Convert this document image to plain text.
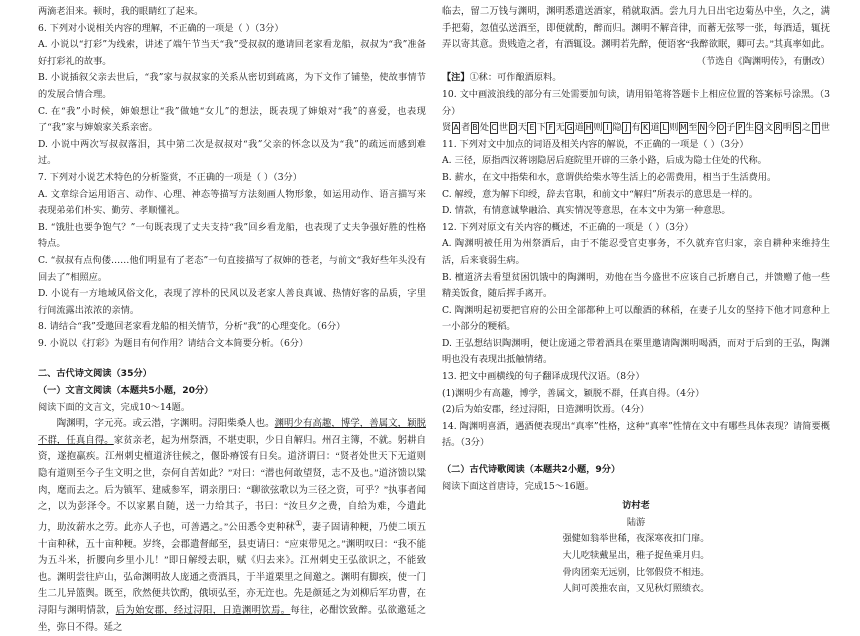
两滴老泪来。顿时，我的眼睛红了起来。

6. 下列对小说相关内容的理解，不正确的一项是（ ）（3分）

A. 小说以“打彩”为线索，讲述了端午节当天“我”受叔叔的邀请回老家看龙船，叔叔为“我”准备好打彩礼的故事。

B. 小说插叙父亲去世后，“我”家与叔叔家的关系从密切到疏离，为下文作了铺垫，使故事情节的发展合情合理。

C. 在“我”小时候，婶娘想让“我”做她“女儿”的想法，既表现了婶娘对“我”的喜爱，也表现了“我”家与婶娘家关系亲密。

D. 小说中两次写叔叔落泪，其中第二次是叔叔对“我”父亲的怀念以及为“我”的疏远而感到难过。

7. 下列对小说艺术特色的分析鉴赏，不正确的一项是（ ）（3分）

A. 文章综合运用语言、动作、心理、神态等描写方法刻画人物形象，如运用动作、语言描写来表现弟弟们朴实、勤劳、孝顺懂礼。

B. “饿肚也要争饱气？”一句既表现了丈夫支持“我”回乡看龙船，也表现了丈夫争强好胜的性格特点。

C. “叔叔有点佝偻……他们明显有了老态”一句直接描写了叔婶的苍老，与前文“我好些年头没有回去了”相照应。

D. 小说有一方地域风俗文化，表现了淳朴的民风以及老家人善良真诚、热情好客的品质，字里行间流露出浓浓的亲情。

8. 请结合“我”受邀回老家看龙船的相关情节，分析“我”的心理变化。（6分）

9. 小说以《打彩》为题目有何作用？请结合文本简要分析。（6分）

二、古代诗文阅读（35分）

（一）文言文阅读（本题共5小题，20分）

阅读下面的文言文，完成10～14题。

陶渊明，字元亮。或云潜，字渊明。浔阳柴桑人也。渊明少有高趣，博学，善属文，颖脱不群，任真自得。家贫亲老，起为州祭酒，不堪吏职，少日自解归。州召主簿，不就。躬耕自资，遂抱羸疾。江州刺史檀道济往候之，偃卧瘠馁有日矣。道济谓曰：“贤者处世天下无道则隐有道则至今子生文明之世，奈何自苦如此？”对曰：“潜也何敢望贤，志不及也。”道济馈以粱肉，麾而去之。后为镇军、建威参军，谓亲朋曰：“聊欲弦歌以为三径之资，可乎？”执事者闻之，以为彭泽令。不以家累自随，送一力给其子，书曰：“汝旦夕之费，自给为难，今遣此力，助汝薪水之劳。此亦人子也，可善遇之。”公田悉令吏种秫①，妻子固请种粳，乃使二顷五十亩种秫，五十亩种粳。岁终，会郡遣督邮至，县吏请曰：“应束带见之。”渊明叹曰：“我不能为五斗米，折腰向乡里小儿！”即日解绶去职，赋《归去来》。江州刺史王弘欲识之，不能致也。渊明尝往庐山，弘命渊明故人庞通之赍酒具，于半道栗里之间邀之。渊明有脚疾，使一门生二儿异篮舆。既至，欣然便共饮酌，俄顷弘至，亦无迕也。先是颜延之为刘柳后军功曹，在浔阳与渊明情款，后为始安郡，经过浔阳，日造渊明饮焉。每往，必酣饮致醉。弘欲邀延之坐，弥日不得。延之

临去，留二万钱与渊明，渊明悉遣送酒家，稍就取酒。尝九月九日出宅边菊丛中坐，久之，满手把菊，忽值弘送酒至，即便就酌，醉而归。渊明不解音律，而蓄无弦琴一张，每酒适，辄抚弄以寄其意。贵贱造之者，有酒辄设。渊明若先醉，便语客“我醉欲眠，卿可去。”其真率如此。

（节选自《陶渊明传》，有删改）

【注】①秫：可作酿酒原料。

10. 文中画波浪线的部分有三处需要加句读，请用铅笔将答题卡上相应位置的答案标号涂黑。（3分）

贤 A 者 B 处 C 世 D 天 E 下 F 无 G 道 H 则 I 隐 J 有 K 道 L 则 M 至 N 今 O 子 P 生 Q 文 R 明 S 之 T 世

11. 下列对文中加点的词语及相关内容的解说，不正确的一项是（ ）（3分）

A. 三径，原指西汉蒋诩隐居后庭院里开辟的三条小路，后成为隐士住处的代称。

B. 薪水，在文中指柴和水，意谓供给柴水等生活上的必需费用，相当于生活费用。

C. 解绶，意为解下印绶，辞去官职，和前文中“解归”所表示的意思是一样的。

D. 情款，有情意诚挚融洽、真实情况等意思，在本文中为第一种意思。

12. 下列对原文有关内容的概述，不正确的一项是（ ）（3分）

A. 陶渊明被任用为州祭酒后，由于不能忍受官吏事务，不久就弃官归家，亲自耕种来维持生活，后来衰弱生病。

B. 檀道济去看望贫困饥饿中的陶渊明，劝他在当今盛世不应该自己折磨自己，并馈赠了他一些精美饭食，随后挥手离开。

C. 陶渊明起初要把官府的公田全部都种上可以酿酒的秫稻，在妻子儿女的坚持下他才同意种上一小部分的粳稻。

D. 王弘想结识陶渊明，便让庞通之带着酒具在栗里邀请陶渊明喝酒，而对于后到的王弘，陶渊明也没有表现出抵触情绪。

13. 把文中画横线的句子翻译成现代汉语。（8分）

(1)渊明少有高趣，博学，善属文，颖脱不群，任真自得。（4分）

(2)后为始安郡，经过浔阳，日造渊明饮焉。（4分）

14. 陶渊明喜酒，遇酒便表现出“真率”性格，这种“真率”性情在文中有哪些具体表现？请简要概括。（3分）

（二）古代诗歌阅读（本题共2小题，9分）

阅读下面这首唐诗，完成15～16题。

访村老

陆游

强健如翁举世稀，夜深寒夜扣门扉。

大儿吃犊戴星出，稚子捉鱼乘月归。

骨肉团栾无远别，比邻假贷不相违。

人间可羡推农亩，又见秋灯照绩衣。
